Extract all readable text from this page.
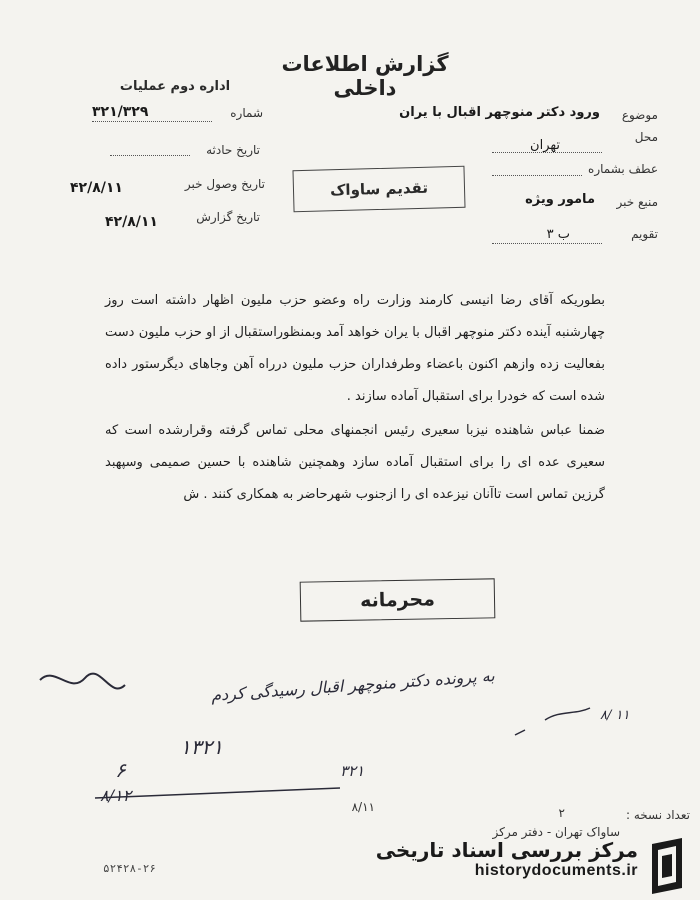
گزارش اطلاعات داخلی
اداره دوم عملیات
شماره
۳۲۱/۳۲۹
تاریخ حادثه
تاریخ وصول خبر
۴۲/۸/۱۱
تاریخ گزارش
۴۲/۸/۱۱
موضوع
ورود دکتر منوچهر اقبال با یران
محل
تهران
عطف بشماره
منبع خبر
مامور ویژه
تقویم
ب ۳
تقدیم ساواک

بطوریکه آقای رضا انیسی کارمند وزارت راه وعضو حزب ملیون اظهار داشته است روز چهارشنبه آینده دکتر منوچهر اقبال با یران خواهد آمد وبمنظوراستقبال از او حزب ملیون دست بفعالیت زده وازهم اکنون باعضاء وطرفداران حزب ملیون درراه آهن وجاهای دیگرستور داده شده است که خودرا برای استقبال آماده سازند .

ضمنا عباس شاهنده نیزبا سعیری رئیس انجمنهای محلی تماس گرفته وقرارشده است که سعیری عده ای را برای استقبال آماده سازد وهمچنین شاهنده با حسین صمیمی وسپهبد گرزین تماس است تاآنان نیزعده ای را ازجنوب شهرحاضر به همکاری کنند . ش

محرمانه
به پرونده دکتر منوچهر اقبال رسیدگی کردم
۱۳۲۱
۸/ ۱۱
۶	۳۲۱
۸/۱۲
تعداد نسخه :
۲
۸/۱۱
ساواک تهران - دفتر مرکز
۵۲۴۲۸-۲۶
مرکز بررسی اسناد تاریخی
historydocuments.ir
